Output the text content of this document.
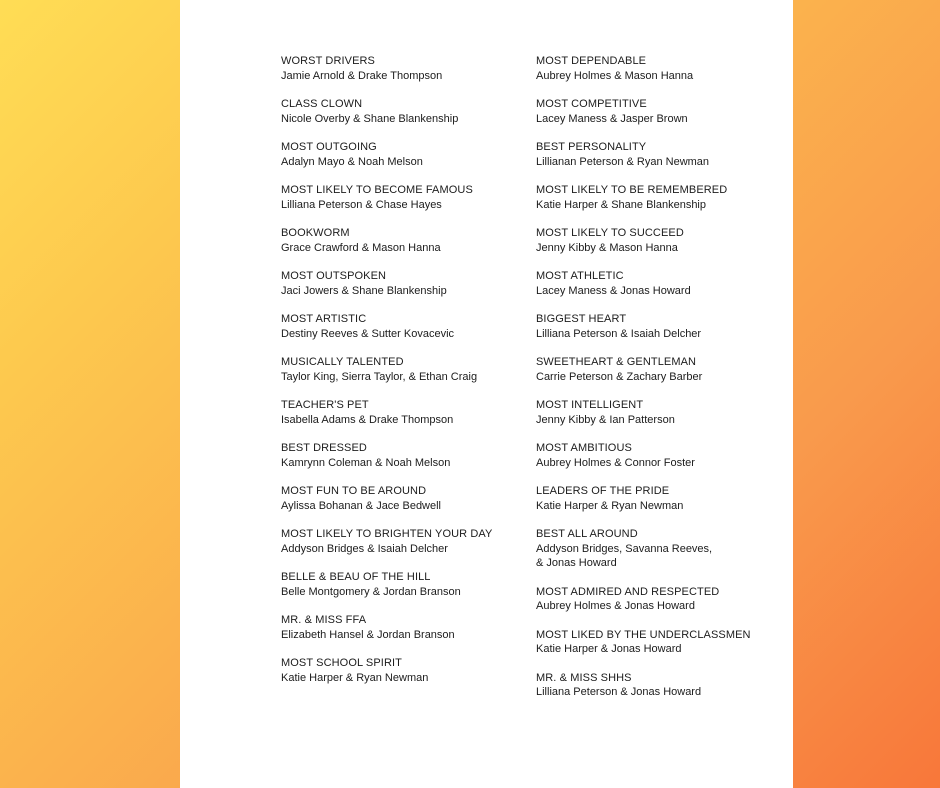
WORST DRIVERS
Jamie Arnold & Drake Thompson
CLASS CLOWN
Nicole Overby & Shane Blankenship
MOST OUTGOING
Adalyn Mayo & Noah Melson
MOST LIKELY TO BECOME FAMOUS
Lilliana Peterson & Chase Hayes
BOOKWORM
Grace Crawford & Mason Hanna
MOST OUTSPOKEN
Jaci Jowers & Shane Blankenship
MOST ARTISTIC
Destiny Reeves & Sutter Kovacevic
MUSICALLY TALENTED
Taylor King, Sierra Taylor, & Ethan Craig
TEACHER'S PET
Isabella Adams & Drake Thompson
BEST DRESSED
Kamrynn Coleman & Noah Melson
MOST FUN TO BE AROUND
Aylissa Bohanan & Jace Bedwell
MOST LIKELY TO BRIGHTEN YOUR DAY
Addyson Bridges & Isaiah Delcher
BELLE & BEAU OF THE HILL
Belle Montgomery & Jordan Branson
MR. & MISS FFA
Elizabeth Hansel & Jordan Branson
MOST SCHOOL SPIRIT
Katie Harper & Ryan Newman
MOST DEPENDABLE
Aubrey Holmes & Mason Hanna
MOST COMPETITIVE
Lacey Maness & Jasper Brown
BEST PERSONALITY
Lillianan Peterson & Ryan Newman
MOST LIKELY TO BE REMEMBERED
Katie Harper & Shane Blankenship
MOST LIKELY TO SUCCEED
Jenny Kibby & Mason Hanna
MOST ATHLETIC
Lacey Maness & Jonas Howard
BIGGEST HEART
Lilliana Peterson & Isaiah Delcher
SWEETHEART & GENTLEMAN
Carrie Peterson & Zachary Barber
MOST INTELLIGENT
Jenny Kibby & Ian Patterson
MOST AMBITIOUS
Aubrey Holmes & Connor Foster
LEADERS OF THE PRIDE
Katie Harper & Ryan Newman
BEST ALL AROUND
Addyson Bridges, Savanna Reeves,
& Jonas Howard
MOST ADMIRED AND RESPECTED
Aubrey Holmes & Jonas Howard
MOST LIKED BY THE UNDERCLASSMEN
Katie Harper & Jonas Howard
MR. & MISS SHHS
Lilliana Peterson & Jonas Howard
